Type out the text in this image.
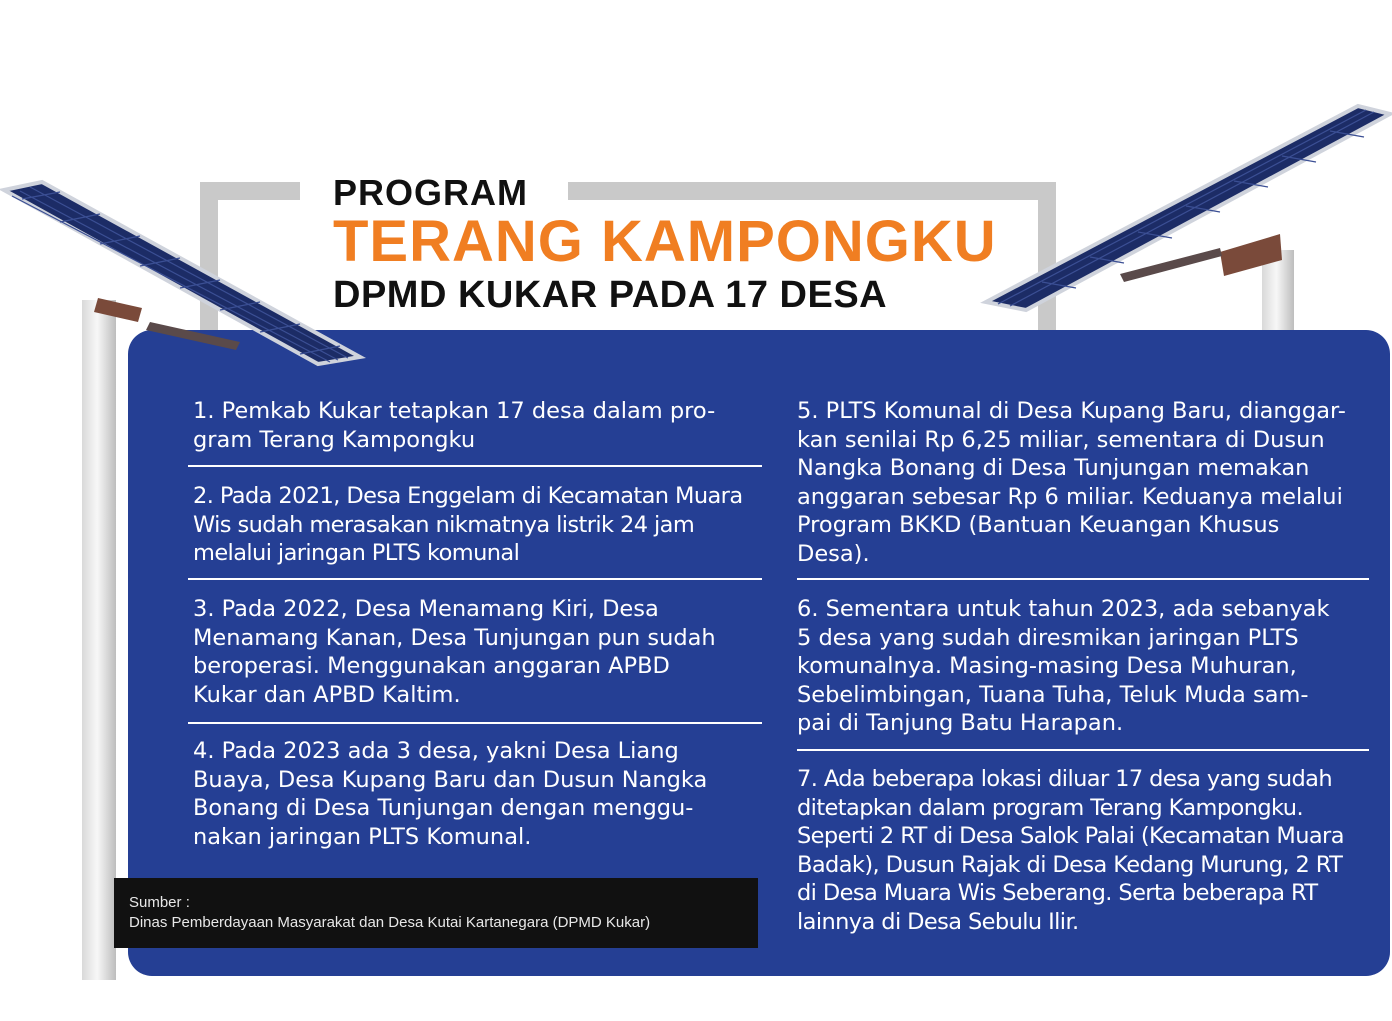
PROGRAM
TERANG KAMPONGKU
DPMD KUKAR PADA 17 DESA
1. Pemkab Kukar tetapkan 17 desa dalam pro-
gram Terang Kampongku
2. Pada 2021, Desa Enggelam di Kecamatan Muara
Wis sudah merasakan nikmatnya listrik 24 jam
melalui jaringan PLTS komunal
3. Pada 2022, Desa Menamang Kiri, Desa
Menamang Kanan, Desa Tunjungan pun sudah
beroperasi. Menggunakan anggaran APBD
Kukar dan APBD Kaltim.
4. Pada 2023 ada 3 desa, yakni Desa Liang
Buaya, Desa Kupang Baru dan Dusun Nangka
Bonang di Desa Tunjungan dengan menggu-
nakan jaringan PLTS Komunal.
5. PLTS Komunal di Desa Kupang Baru, dianggar-
kan senilai Rp 6,25 miliar, sementara di Dusun
Nangka Bonang di Desa Tunjungan memakan
anggaran sebesar Rp 6 miliar. Keduanya melalui
Program BKKD (Bantuan Keuangan Khusus
Desa).
6. Sementara untuk tahun 2023, ada sebanyak
5 desa yang sudah diresmikan jaringan PLTS
komunalnya. Masing-masing Desa Muhuran,
Sebelimbingan, Tuana Tuha, Teluk Muda sam-
pai di Tanjung Batu Harapan.
7. Ada beberapa lokasi diluar 17 desa yang sudah
ditetapkan dalam program Terang Kampongku.
Seperti 2 RT di Desa Salok Palai (Kecamatan Muara
Badak), Dusun Rajak di Desa Kedang Murung, 2 RT
di Desa Muara Wis Seberang. Serta beberapa RT
lainnya di Desa Sebulu Ilir.
Sumber :
Dinas Pemberdayaan Masyarakat dan Desa Kutai Kartanegara (DPMD Kukar)
